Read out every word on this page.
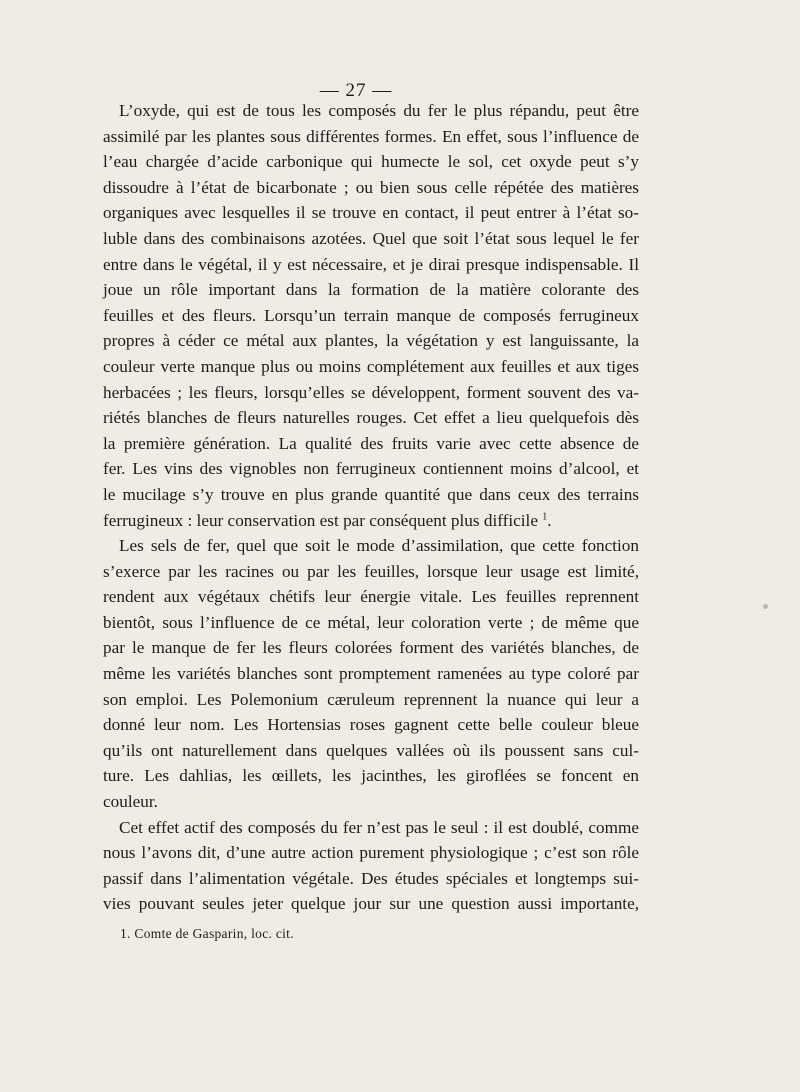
— 27 —
L’oxyde, qui est de tous les composés du fer le plus répandu, peut être
assimilé par les plantes sous différentes formes. En effet, sous l’influence de
l’eau chargée d’acide carbonique qui humecte le sol, cet oxyde peut s’y
dissoudre à l’état de bicarbonate ; ou bien sous celle répétée des matières
organiques avec lesquelles il se trouve en contact, il peut entrer à l’état so-
luble dans des combinaisons azotées. Quel que soit l’état sous lequel le fer
entre dans le végétal, il y est nécessaire, et je dirai presque indispensable. Il
joue un rôle important dans la formation de la matière colorante des
feuilles et des fleurs. Lorsqu’un terrain manque de composés ferrugineux
propres à céder ce métal aux plantes, la végétation y est languissante, la
couleur verte manque plus ou moins complétement aux feuilles et aux tiges
herbacées ; les fleurs, lorsqu’elles se développent, forment souvent des va-
riétés blanches de fleurs naturelles rouges. Cet effet a lieu quelquefois dès
la première génération. La qualité des fruits varie avec cette absence de
fer. Les vins des vignobles non ferrugineux contiennent moins d’alcool, et
le mucilage s’y trouve en plus grande quantité que dans ceux des terrains
ferrugineux : leur conservation est par conséquent plus difficile $^1$.
Les sels de fer, quel que soit le mode d’assimilation, que cette fonction
s’exerce par les racines ou par les feuilles, lorsque leur usage est limité,
rendent aux végétaux chétifs leur énergie vitale. Les feuilles reprennent
bientôt, sous l’influence de ce métal, leur coloration verte ; de même que
par le manque de fer les fleurs colorées forment des variétés blanches, de
même les variétés blanches sont promptement ramenées au type coloré par
son emploi. Les Polemonium cæruleum reprennent la nuance qui leur a
donné leur nom. Les Hortensias roses gagnent cette belle couleur bleue
qu’ils ont naturellement dans quelques vallées où ils poussent sans cul-
ture. Les dahlias, les œillets, les jacinthes, les giroflées se foncent en
couleur.
Cet effet actif des composés du fer n’est pas le seul : il est doublé, comme
nous l’avons dit, d’une autre action purement physiologique ; c’est son rôle
passif dans l’alimentation végétale. Des études spéciales et longtemps sui-
vies pouvant seules jeter quelque jour sur une question aussi importante,
1. Comte de Gasparin, loc. cit.
